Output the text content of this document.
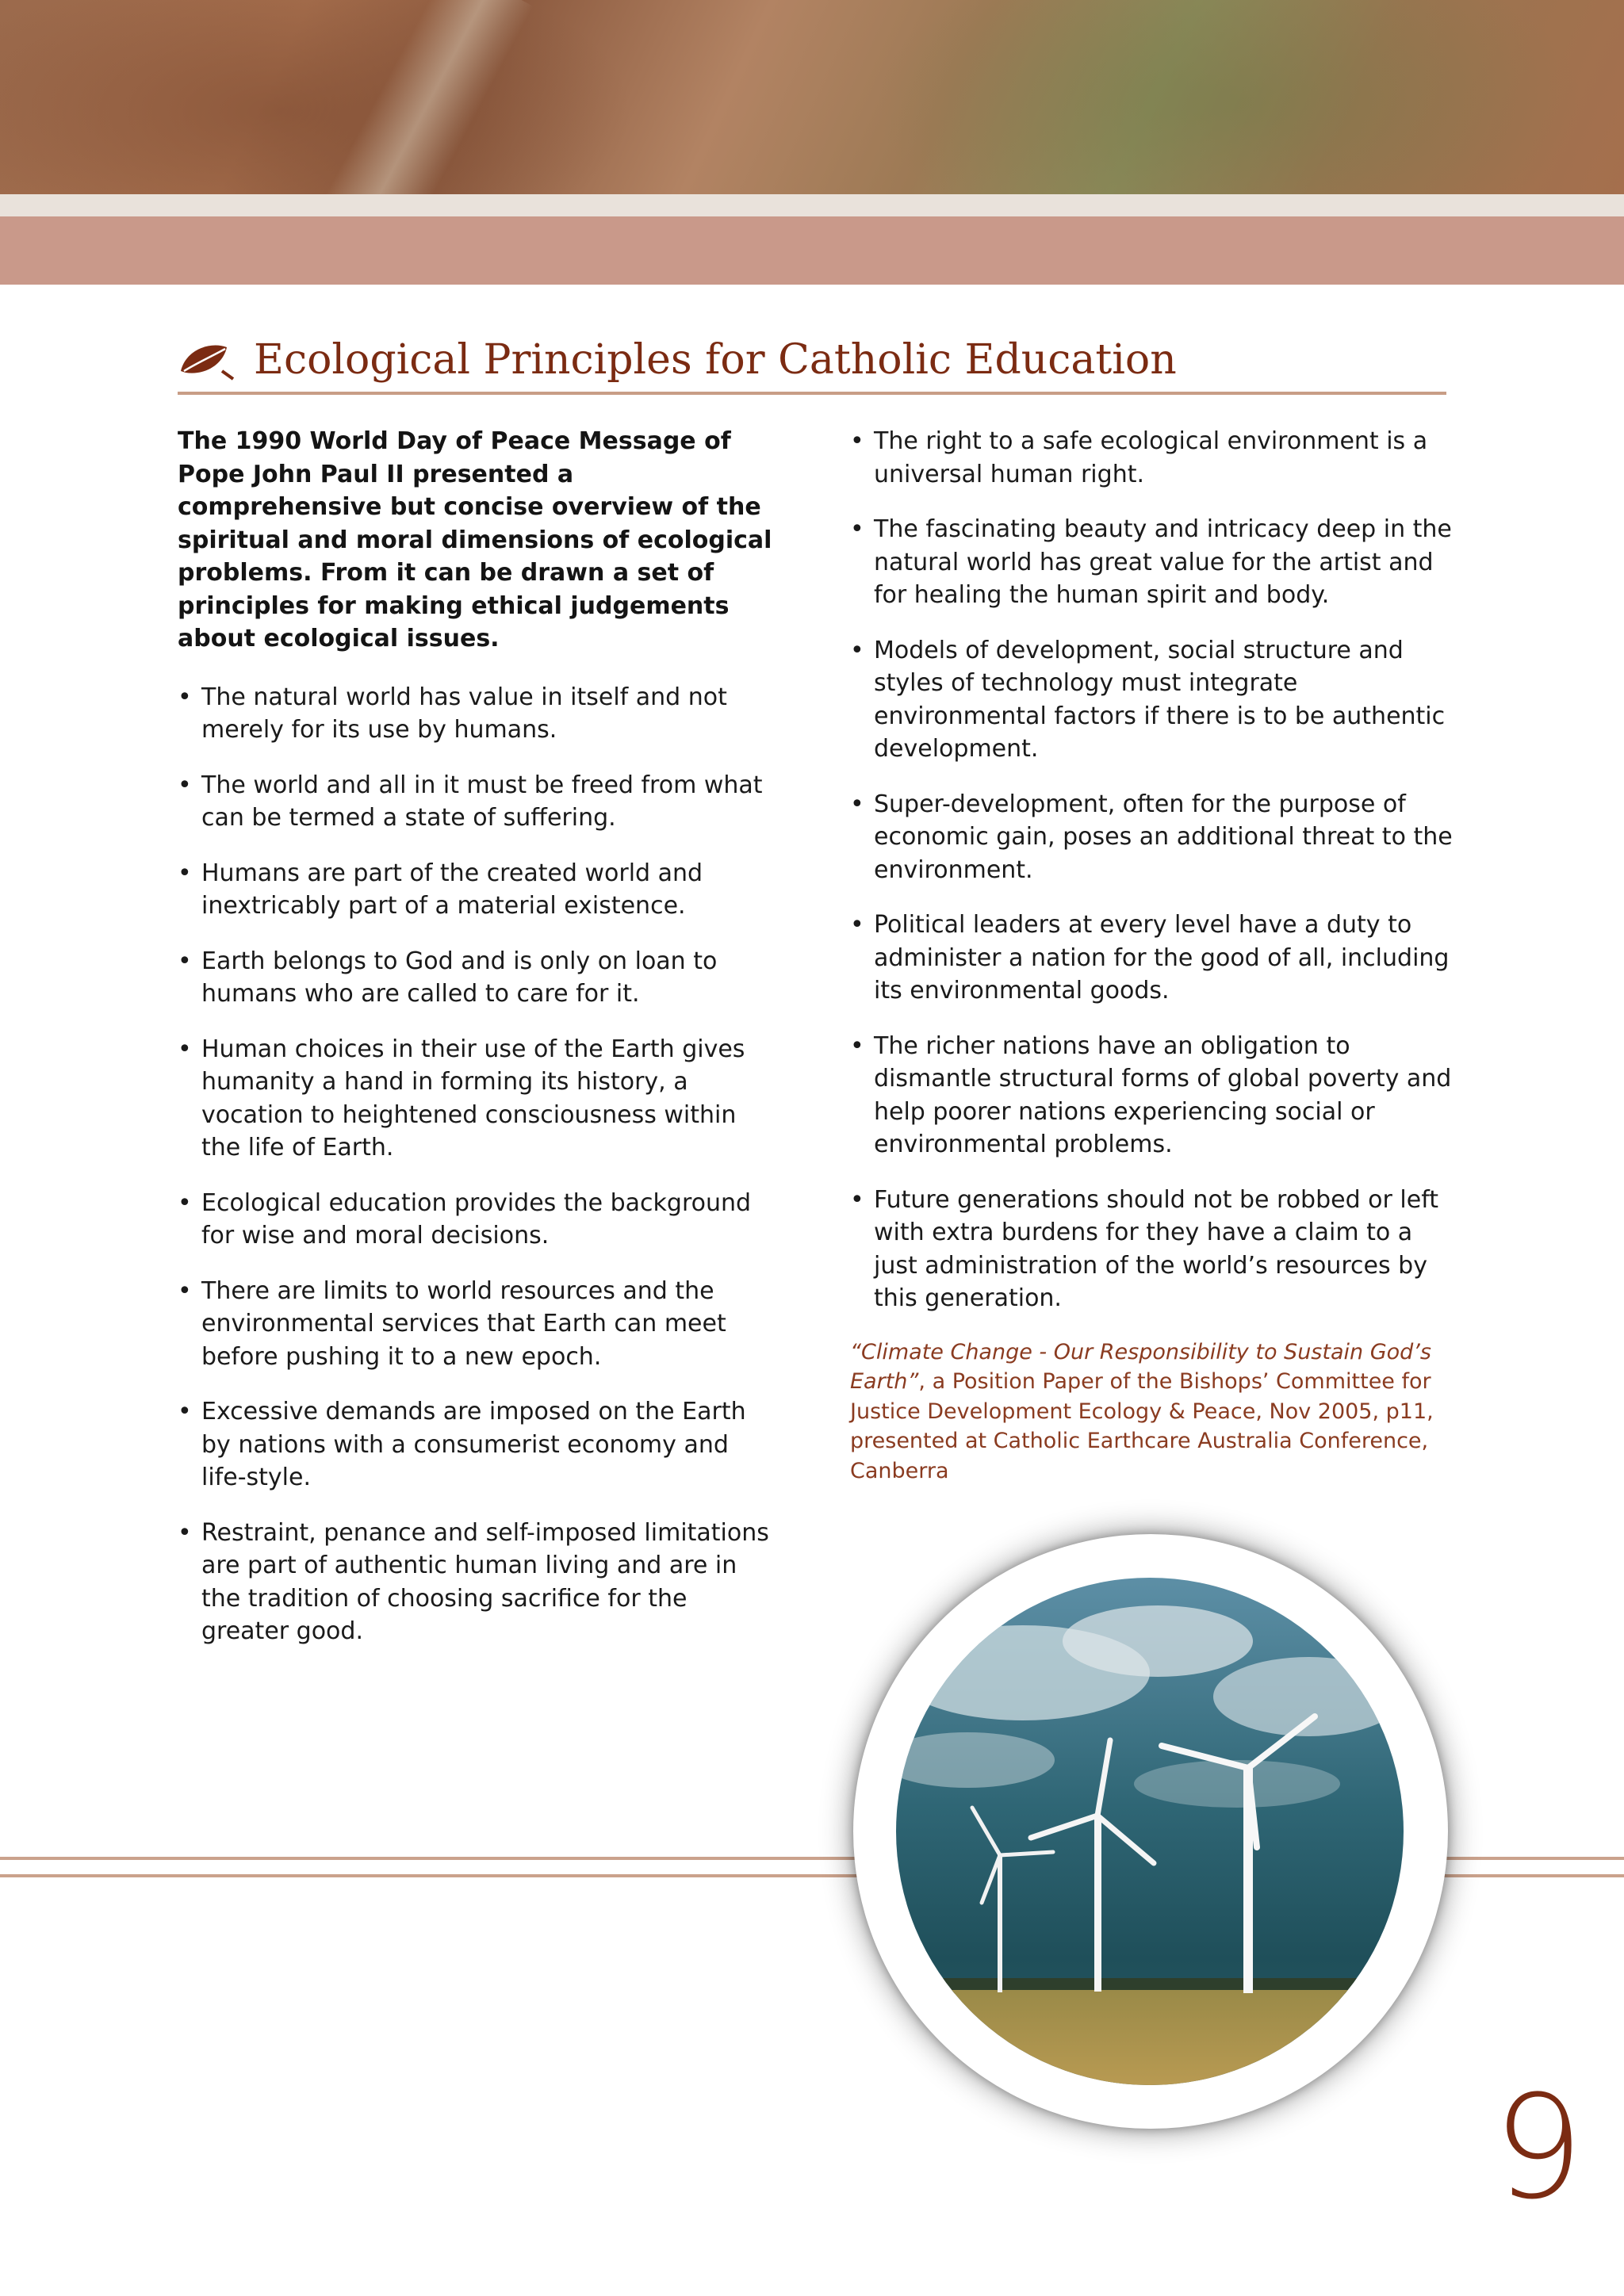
Ecological Principles for Catholic Education

The 1990 World Day of Peace Message of Pope John Paul II presented a comprehensive but concise overview of the spiritual and moral dimensions of ecological problems. From it can be drawn a set of principles for making ethical judgements about ecological issues.

• The natural world has value in itself and not merely for its use by humans.
• The world and all in it must be freed from what can be termed a state of suffering.
• Humans are part of the created world and inextricably part of a material existence.
• Earth belongs to God and is only on loan to humans who are called to care for it.
• Human choices in their use of the Earth gives humanity a hand in forming its history, a vocation to heightened consciousness within the life of Earth.
• Ecological education provides the background for wise and moral decisions.
• There are limits to world resources and the environmental services that Earth can meet before pushing it to a new epoch.
• Excessive demands are imposed on the Earth by nations with a consumerist economy and life-style.
• Restraint, penance and self-imposed limitations are part of authentic human living and are in the tradition of choosing sacrifice for the greater good.
• The right to a safe ecological environment is a universal human right.
• The fascinating beauty and intricacy deep in the natural world has great value for the artist and for healing the human spirit and body.
• Models of development, social structure and styles of technology must integrate environmental factors if there is to be authentic development.
• Super-development, often for the purpose of economic gain, poses an additional threat to the environment.
• Political leaders at every level have a duty to administer a nation for the good of all, including its environmental goods.
• The richer nations have an obligation to dismantle structural forms of global poverty and help poorer nations experiencing social or environmental problems.
• Future generations should not be robbed or left with extra burdens for they have a claim to a just administration of the world’s resources by this generation.

“Climate Change - Our Responsibility to Sustain God’s Earth”, a Position Paper of the Bishops’ Committee for Justice Development Ecology & Peace, Nov 2005, p11, presented at Catholic Earthcare Australia Conference, Canberra

9
